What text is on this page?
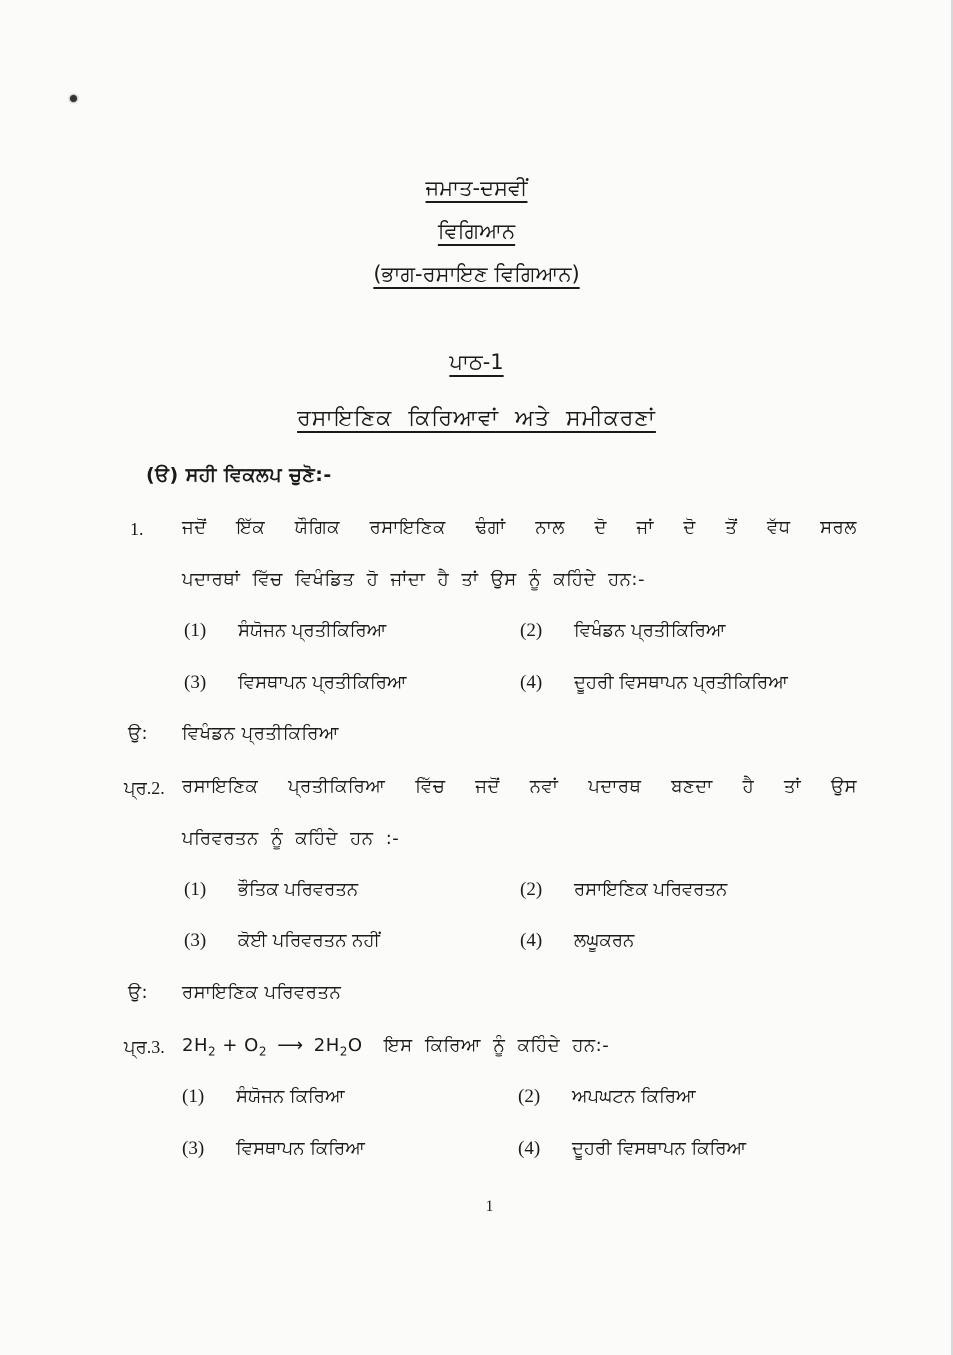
ਜਮਾਤ-ਦਸਵੀਂ
ਵਿਗਿਆਨ
(ਭਾਗ-ਰਸਾਇਣ ਵਿਗਿਆਨ)
ਪਾਠ-1
ਰਸਾਇਣਿਕ ਕਿਰਿਆਵਾਂ ਅਤੇ ਸਮੀਕਰਣਾਂ
(ੳ) ਸਹੀ ਵਿਕਲਪ ਚੁਣੋ:-
1. ਜਦੋਂ ਇੱਕ ਯੌਗਿਕ ਰਸਾਇਣਿਕ ਢੰਗਾਂ ਨਾਲ ਦੋ ਜਾਂ ਦੋ ਤੋਂ ਵੱਧ ਸਰਲ
ਪਦਾਰਥਾਂ ਵਿੱਚ ਵਿਖੰਡਿਤ ਹੋ ਜਾਂਦਾ ਹੈ ਤਾਂ ਉਸ ਨੂੰ ਕਹਿੰਦੇ ਹਨ:-
(1) ਸੰਯੋਜਨ ਪ੍ਰਤੀਕਿਰਿਆ	(2) ਵਿਖੰਡਨ ਪ੍ਰਤੀਕਿਰਿਆ
(3) ਵਿਸਥਾਪਨ ਪ੍ਰਤੀਕਿਰਿਆ	(4) ਦੂਹਰੀ ਵਿਸਥਾਪਨ ਪ੍ਰਤੀਕਿਰਿਆ
ਉ: ਵਿਖੰਡਨ ਪ੍ਰਤੀਕਿਰਿਆ
ਪ੍ਰ.2. ਰਸਾਇਣਿਕ ਪ੍ਰਤੀਕਿਰਿਆ ਵਿੱਚ ਜਦੋਂ ਨਵਾਂ ਪਦਾਰਥ ਬਣਦਾ ਹੈ ਤਾਂ ਉਸ
ਪਰਿਵਰਤਨ ਨੂੰ ਕਹਿੰਦੇ ਹਨ :-
(1) ਭੌਤਿਕ ਪਰਿਵਰਤਨ	(2) ਰਸਾਇਣਿਕ ਪਰਿਵਰਤਨ
(3) ਕੋਈ ਪਰਿਵਰਤਨ ਨਹੀਂ	(4) ਲਘੂਕਰਨ
ਉ: ਰਸਾਇਣਿਕ ਪਰਿਵਰਤਨ
ਪ੍ਰ.3. $2H_2 + O_2$ ⟶ $2H_2O$ ਇਸ ਕਿਰਿਆ ਨੂੰ ਕਹਿੰਦੇ ਹਨ:-
(1) ਸੰਯੋਜਨ ਕਿਰਿਆ	(2) ਅਪਘਟਨ ਕਿਰਿਆ
(3) ਵਿਸਥਾਪਨ ਕਿਰਿਆ	(4) ਦੂਹਰੀ ਵਿਸਥਾਪਨ ਕਿਰਿਆ
1
